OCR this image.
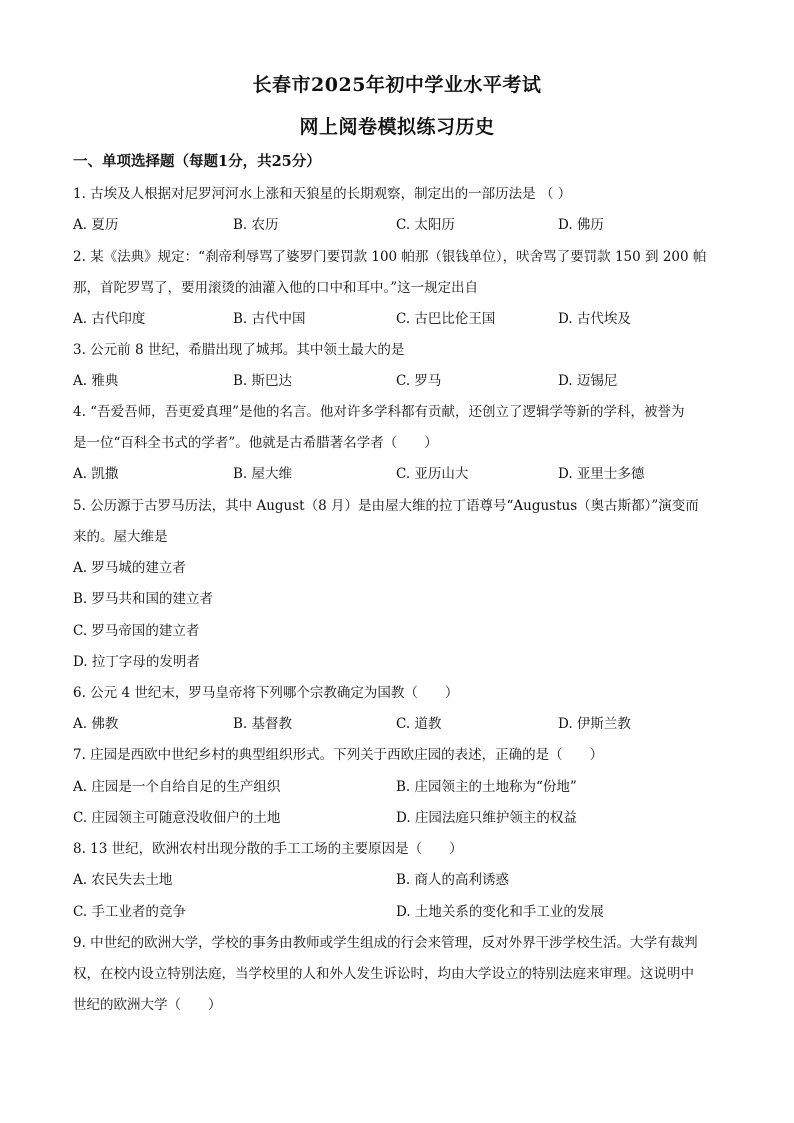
长春市2025年初中学业水平考试
网上阅卷模拟练习历史
一、单项选择题（每题1分，共25分）
1. 古埃及人根据对尼罗河河水上涨和天狼星的长期观察，制定出的一部历法是 （ ）
A. 夏历	B. 农历	C. 太阳历	D. 佛历
2. 某《法典》规定：“刹帝利辱骂了婆罗门要罚款 100 帕那（银钱单位），吠舍骂了要罚款 150 到 200 帕
那，首陀罗骂了，要用滚烫的油灌入他的口中和耳中。”这一规定出自
A. 古代印度	B. 古代中国	C. 古巴比伦王国	D. 古代埃及
3. 公元前 8 世纪，希腊出现了城邦。其中领土最大的是
A. 雅典	B. 斯巴达	C. 罗马	D. 迈锡尼
4. “吾爱吾师，吾更爱真理”是他的名言。他对许多学科都有贡献，还创立了逻辑学等新的学科，被誉为
是一位“百科全书式的学者”。他就是古希腊著名学者（　　）
A. 凯撒	B. 屋大维	C. 亚历山大	D. 亚里士多德
5. 公历源于古罗马历法，其中 August（8 月）是由屋大维的拉丁语尊号“Augustus（奥古斯都）”演变而
来的。屋大维是
A. 罗马城的建立者
B. 罗马共和国的建立者
C. 罗马帝国的建立者
D. 拉丁字母的发明者
6. 公元 4 世纪末，罗马皇帝将下列哪个宗教确定为国教（　　）
A. 佛教	B. 基督教	C. 道教	D. 伊斯兰教
7. 庄园是西欧中世纪乡村的典型组织形式。下列关于西欧庄园的表述，正确的是（　　）
A. 庄园是一个自给自足的生产组织	B. 庄园领主的土地称为“份地”
C. 庄园领主可随意没收佃户的土地	D. 庄园法庭只维护领主的权益
8. 13 世纪，欧洲农村出现分散的手工工场的主要原因是（　　）
A. 农民失去土地	B. 商人的高利诱惑
C. 手工业者的竞争	D. 土地关系的变化和手工业的发展
9. 中世纪的欧洲大学，学校的事务由教师或学生组成的行会来管理，反对外界干涉学校生活。大学有裁判
权，在校内设立特别法庭，当学校里的人和外人发生诉讼时，均由大学设立的特别法庭来审理。这说明中
世纪的欧洲大学（　　）
